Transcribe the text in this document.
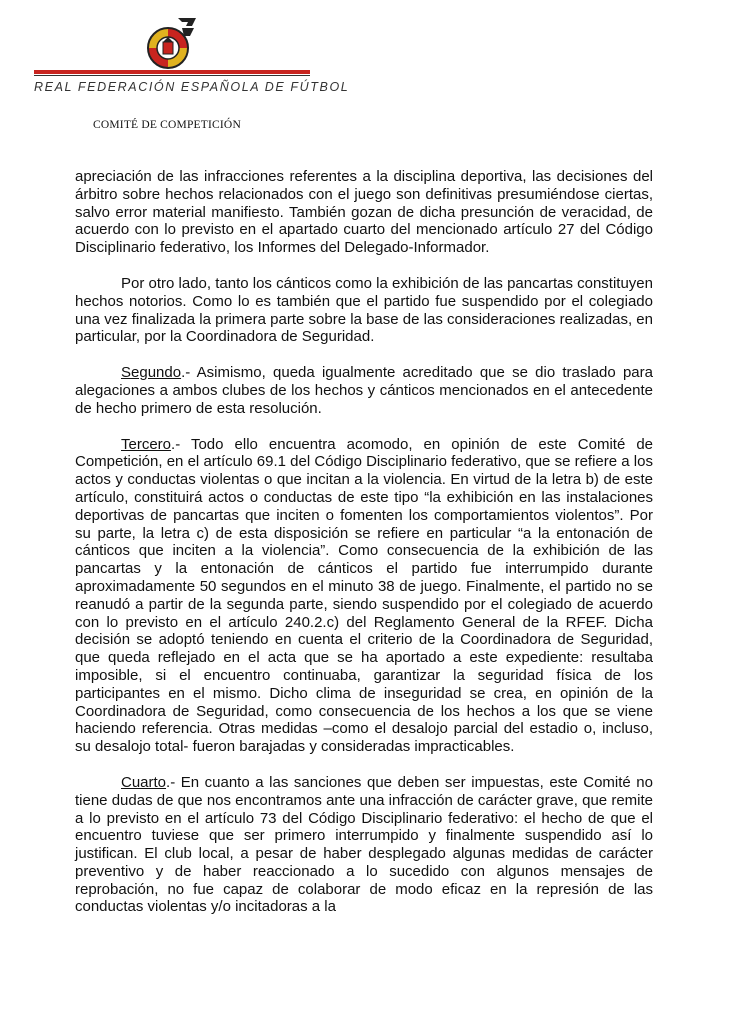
REAL FEDERACIÓN ESPAÑOLA DE FÚTBOL
COMITÉ DE COMPETICIÓN

apreciación de las infracciones referentes a la disciplina deportiva, las decisiones del árbitro sobre hechos relacionados con el juego son definitivas presumiéndose ciertas, salvo error material manifiesto. También gozan de dicha presunción de veracidad, de acuerdo con lo previsto en el apartado cuarto del mencionado artículo 27 del Código Disciplinario federativo, los Informes del Delegado-Informador.

Por otro lado, tanto los cánticos como la exhibición de las pancartas constituyen hechos notorios. Como lo es también que el partido fue suspendido por el colegiado una vez finalizada la primera parte sobre la base de las consideraciones realizadas, en particular, por la Coordinadora de Seguridad.

Segundo.- Asimismo, queda igualmente acreditado que se dio traslado para alegaciones a ambos clubes de los hechos y cánticos mencionados en el antecedente de hecho primero de esta resolución.

Tercero.- Todo ello encuentra acomodo, en opinión de este Comité de Competición, en el artículo 69.1 del Código Disciplinario federativo, que se refiere a los actos y conductas violentas o que incitan a la violencia. En virtud de la letra b) de este artículo, constituirá actos o conductas de este tipo “la exhibición en las instalaciones deportivas de pancartas que inciten o fomenten los comportamientos violentos”. Por su parte, la letra c) de esta disposición se refiere en particular “a la entonación de cánticos que inciten a la violencia”. Como consecuencia de la exhibición de las pancartas y la entonación de cánticos el partido fue interrumpido durante aproximadamente 50 segundos en el minuto 38 de juego. Finalmente, el partido no se reanudó a partir de la segunda parte, siendo suspendido por el colegiado de acuerdo con lo previsto en el artículo 240.2.c) del Reglamento General de la RFEF. Dicha decisión se adoptó teniendo en cuenta el criterio de la Coordinadora de Seguridad, que queda reflejado en el acta que se ha aportado a este expediente: resultaba imposible, si el encuentro continuaba, garantizar la seguridad física de los participantes en el mismo. Dicho clima de inseguridad se crea, en opinión de la Coordinadora de Seguridad, como consecuencia de los hechos a los que se viene haciendo referencia. Otras medidas –como el desalojo parcial del estadio o, incluso, su desalojo total- fueron barajadas y consideradas impracticables.

Cuarto.- En cuanto a las sanciones que deben ser impuestas, este Comité no tiene dudas de que nos encontramos ante una infracción de carácter grave, que remite a lo previsto en el artículo 73 del Código Disciplinario federativo: el hecho de que el encuentro tuviese que ser primero interrumpido y finalmente suspendido así lo justifican. El club local, a pesar de haber desplegado algunas medidas de carácter preventivo y de haber reaccionado a lo sucedido con algunos mensajes de reprobación, no fue capaz de colaborar de modo eficaz en la represión de las conductas violentas y/o incitadoras a la
